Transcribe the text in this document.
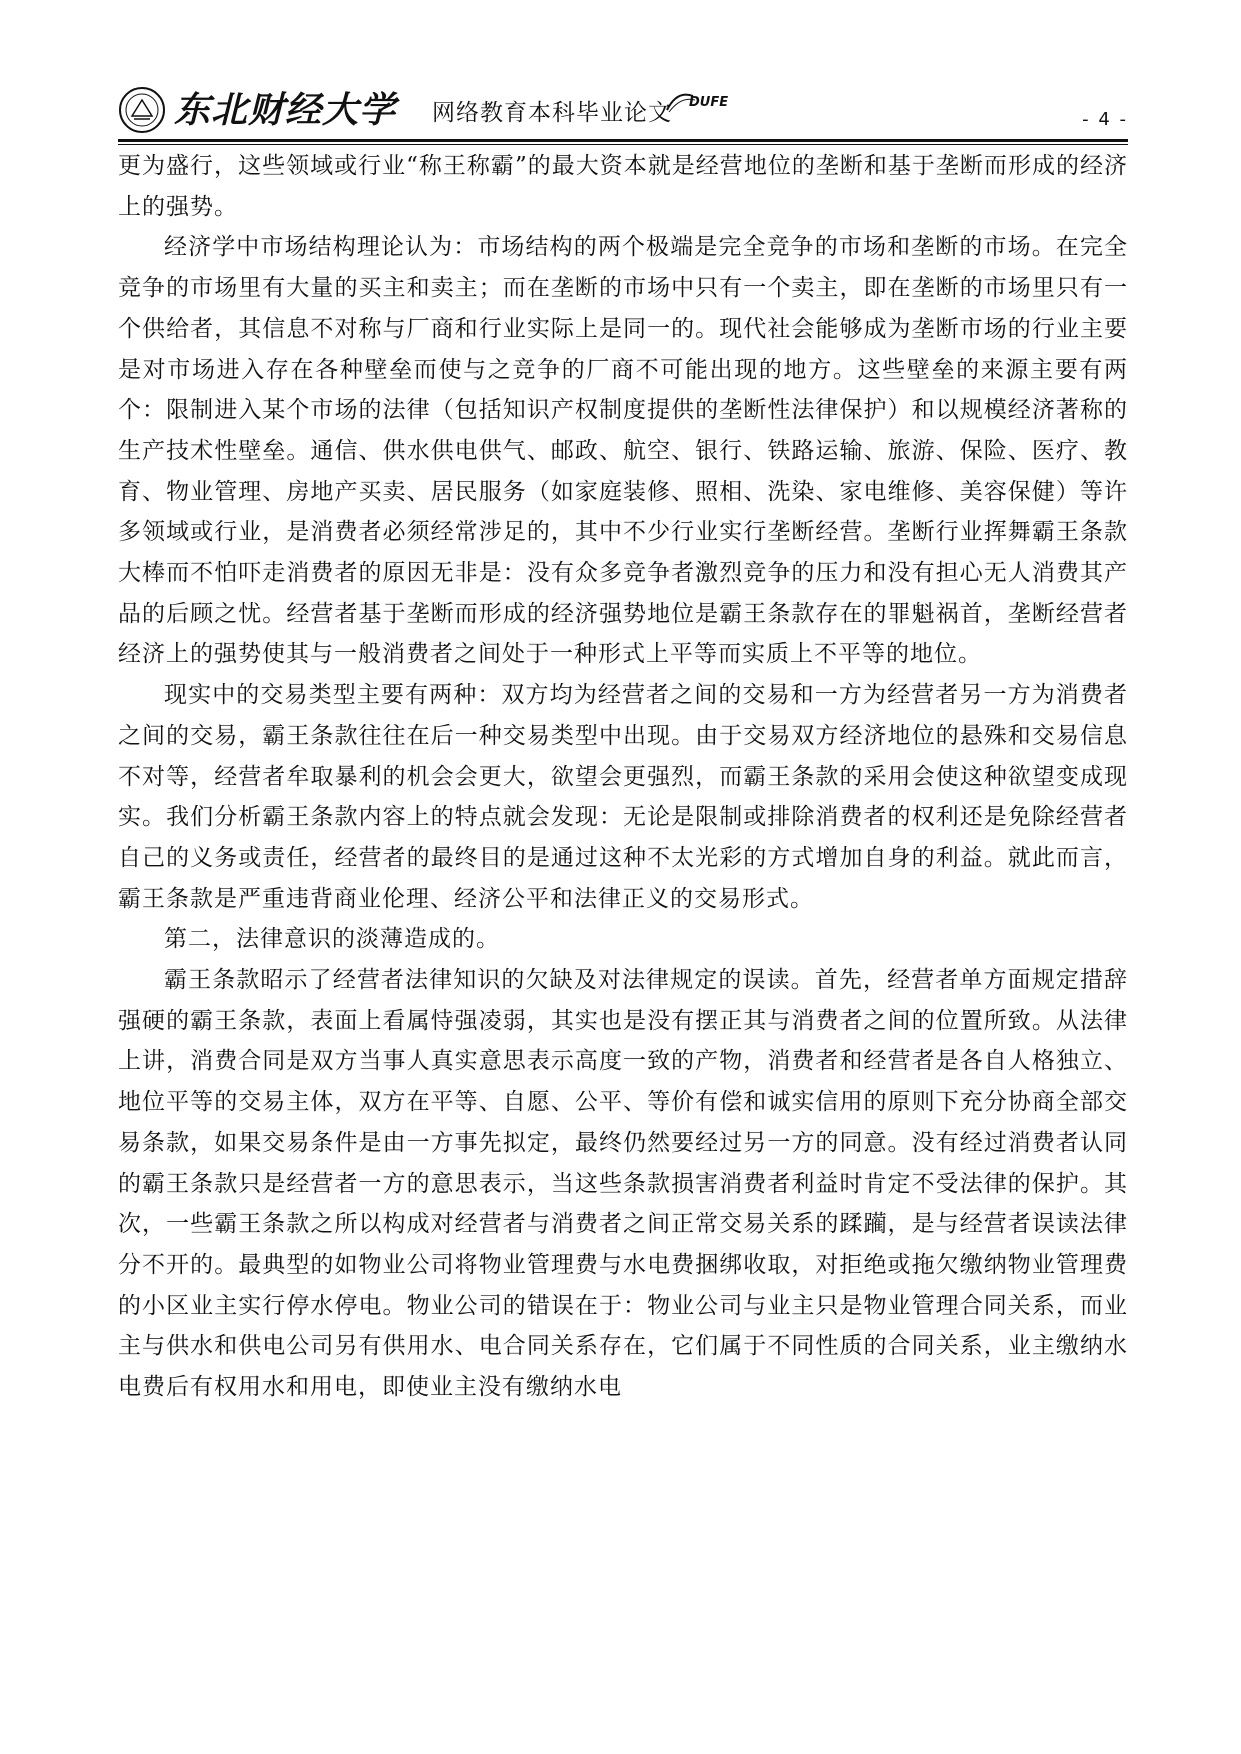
东北财经大学 网络教育本科毕业论文 DUFE
- 4 -

更为盛行，这些领域或行业“称王称霸”的最大资本就是经营地位的垄断和基于垄断而形成的经济上的强势。

经济学中市场结构理论认为：市场结构的两个极端是完全竞争的市场和垄断的市场。在完全竞争的市场里有大量的买主和卖主；而在垄断的市场中只有一个卖主，即在垄断的市场里只有一个供给者，其信息不对称与厂商和行业实际上是同一的。现代社会能够成为垄断市场的行业主要是对市场进入存在各种壁垒而使与之竞争的厂商不可能出现的地方。这些壁垒的来源主要有两个：限制进入某个市场的法律（包括知识产权制度提供的垄断性法律保护）和以规模经济著称的生产技术性壁垒。通信、供水供电供气、邮政、航空、银行、铁路运输、旅游、保险、医疗、教育、物业管理、房地产买卖、居民服务（如家庭装修、照相、洗染、家电维修、美容保健）等许多领域或行业，是消费者必须经常涉足的，其中不少行业实行垄断经营。垄断行业挥舞霸王条款大棒而不怕吓走消费者的原因无非是：没有众多竞争者激烈竞争的压力和没有担心无人消费其产品的后顾之忧。经营者基于垄断而形成的经济强势地位是霸王条款存在的罪魁祸首，垄断经营者经济上的强势使其与一般消费者之间处于一种形式上平等而实质上不平等的地位。

现实中的交易类型主要有两种：双方均为经营者之间的交易和一方为经营者另一方为消费者之间的交易，霸王条款往往在后一种交易类型中出现。由于交易双方经济地位的悬殊和交易信息不对等，经营者牟取暴利的机会会更大，欲望会更强烈，而霸王条款的采用会使这种欲望变成现实。我们分析霸王条款内容上的特点就会发现：无论是限制或排除消费者的权利还是免除经营者自己的义务或责任，经营者的最终目的是通过这种不太光彩的方式增加自身的利益。就此而言，霸王条款是严重违背商业伦理、经济公平和法律正义的交易形式。

第二，法律意识的淡薄造成的。

霸王条款昭示了经营者法律知识的欠缺及对法律规定的误读。首先，经营者单方面规定措辞强硬的霸王条款，表面上看属恃强凌弱，其实也是没有摆正其与消费者之间的位置所致。从法律上讲，消费合同是双方当事人真实意思表示高度一致的产物，消费者和经营者是各自人格独立、地位平等的交易主体，双方在平等、自愿、公平、等价有偿和诚实信用的原则下充分协商全部交易条款，如果交易条件是由一方事先拟定，最终仍然要经过另一方的同意。没有经过消费者认同的霸王条款只是经营者一方的意思表示，当这些条款损害消费者利益时肯定不受法律的保护。其次，一些霸王条款之所以构成对经营者与消费者之间正常交易关系的蹂躏，是与经营者误读法律分不开的。最典型的如物业公司将物业管理费与水电费捆绑收取，对拒绝或拖欠缴纳物业管理费的小区业主实行停水停电。物业公司的错误在于：物业公司与业主只是物业管理合同关系，而业主与供水和供电公司另有供用水、电合同关系存在，它们属于不同性质的合同关系，业主缴纳水电费后有权用水和用电，即使业主没有缴纳水电
